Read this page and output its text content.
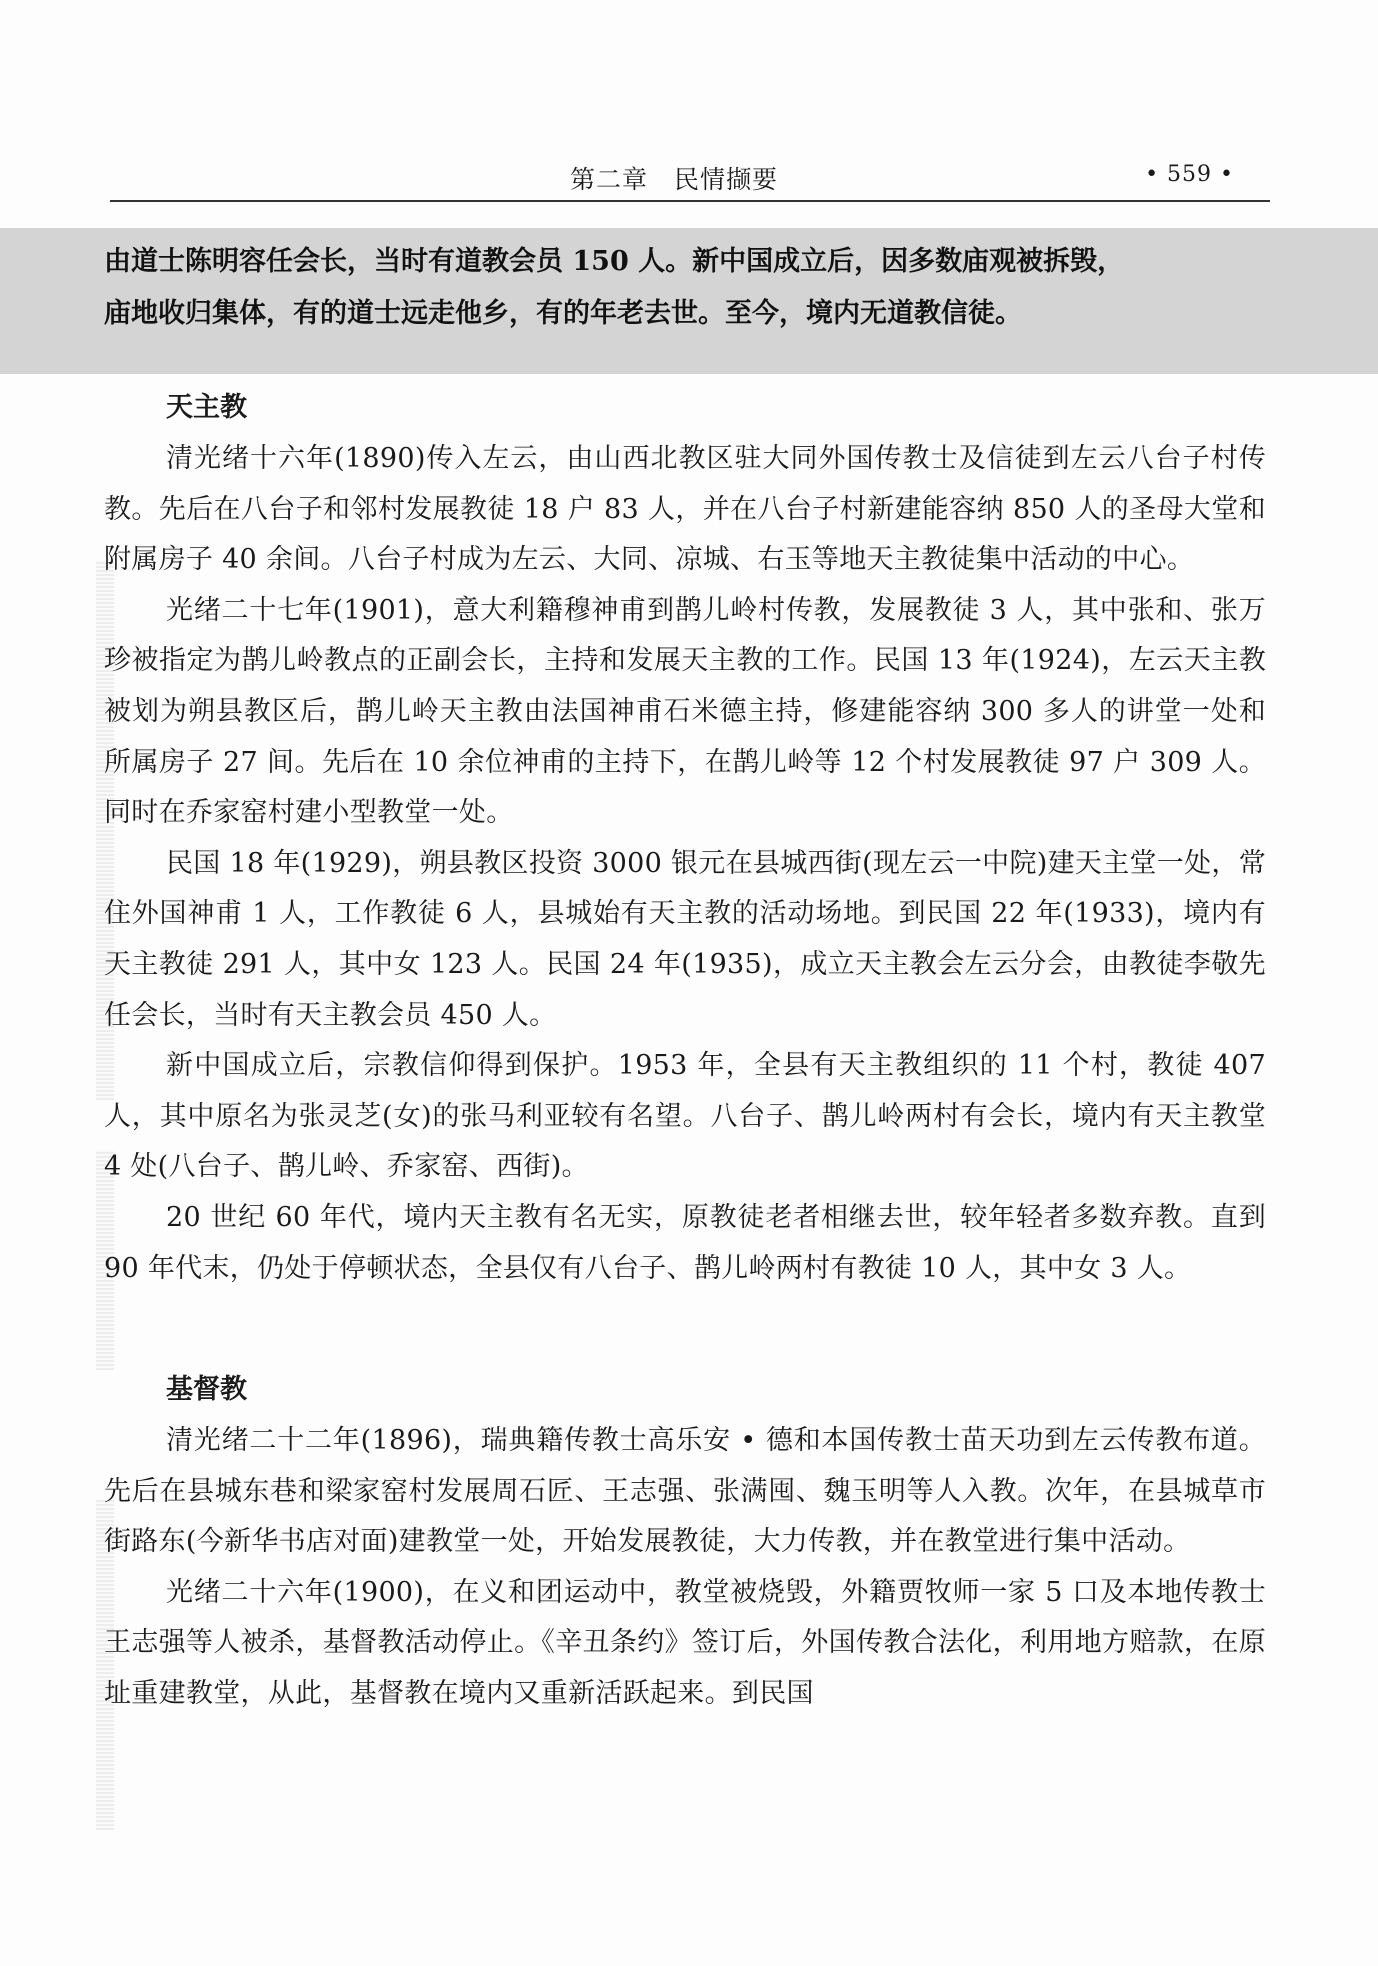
第二章　民情撷要	• 559 •

由道士陈明容任会长，当时有道教会员 150 人。新中国成立后，因多数庙观被拆毁，

庙地收归集体，有的道士远走他乡，有的年老去世。至今，境内无道教信徒。

天主教

清光绪十六年(1890)传入左云，由山西北教区驻大同外国传教士及信徒到左云八台子村传教。先后在八台子和邻村发展教徒 18 户 83 人，并在八台子村新建能容纳 850 人的圣母大堂和附属房子 40 余间。八台子村成为左云、大同、凉城、右玉等地天主教徒集中活动的中心。

光绪二十七年(1901)，意大利籍穆神甫到鹊儿岭村传教，发展教徒 3 人，其中张和、张万珍被指定为鹊儿岭教点的正副会长，主持和发展天主教的工作。民国 13 年(1924)，左云天主教被划为朔县教区后，鹊儿岭天主教由法国神甫石米德主持，修建能容纳 300 多人的讲堂一处和所属房子 27 间。先后在 10 余位神甫的主持下，在鹊儿岭等 12 个村发展教徒 97 户 309 人。同时在乔家窑村建小型教堂一处。

民国 18 年(1929)，朔县教区投资 3000 银元在县城西街(现左云一中院)建天主堂一处，常住外国神甫 1 人，工作教徒 6 人，县城始有天主教的活动场地。到民国 22 年(1933)，境内有天主教徒 291 人，其中女 123 人。民国 24 年(1935)，成立天主教会左云分会，由教徒李敬先任会长，当时有天主教会员 450 人。

新中国成立后，宗教信仰得到保护。1953 年，全县有天主教组织的 11 个村，教徒 407 人，其中原名为张灵芝(女)的张马利亚较有名望。八台子、鹊儿岭两村有会长，境内有天主教堂 4 处(八台子、鹊儿岭、乔家窑、西街)。

20 世纪 60 年代，境内天主教有名无实，原教徒老者相继去世，较年轻者多数弃教。直到 90 年代末，仍处于停顿状态，全县仅有八台子、鹊儿岭两村有教徒 10 人，其中女 3 人。

基督教

清光绪二十二年(1896)，瑞典籍传教士高乐安 • 德和本国传教士苗天功到左云传教布道。先后在县城东巷和梁家窑村发展周石匠、王志强、张满囤、魏玉明等人入教。次年，在县城草市街路东(今新华书店对面)建教堂一处，开始发展教徒，大力传教，并在教堂进行集中活动。

光绪二十六年(1900)，在义和团运动中，教堂被烧毁，外籍贾牧师一家 5 口及本地传教士王志强等人被杀，基督教活动停止。《辛丑条约》签订后，外国传教合法化，利用地方赔款，在原址重建教堂，从此，基督教在境内又重新活跃起来。到民国
